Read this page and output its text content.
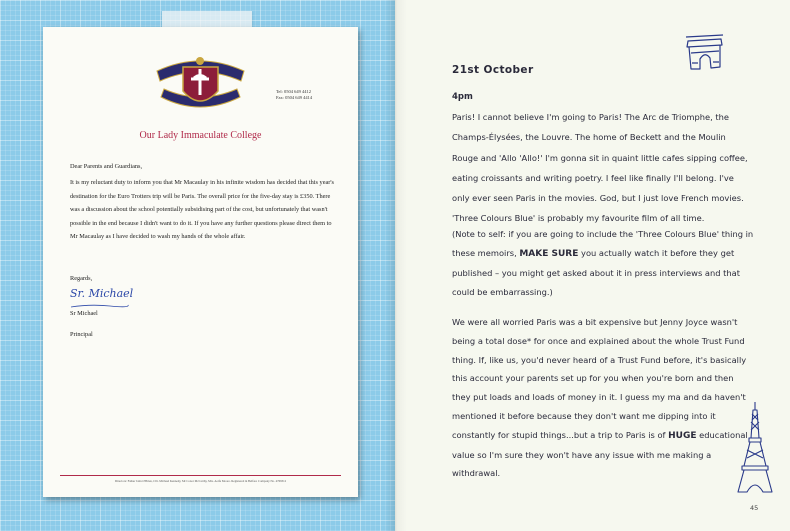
Tel: 0504 649 4412
Fax: 0504 649 4414
Our Lady Immaculate College

Dear Parents and Guardians,

It is my reluctant duty to inform you that Mr Macaulay in his infinite wisdom has decided that this year's destination for the Euro Trotters trip will be Paris. The overall price for the five-day stay is £350. There was a discussion about the school potentially subsidising part of the cost, but unfortunately that wasn't possible in the end because I didn't want to do it. If you have any further questions please direct them to Mr Macaulay as I have decided to wash my hands of the whole affair.

Regards,
Sr. Michael
Sr Michael
Principal
Directors: Father John O'Brien, Cllr. Michael Kennedy, Mr Conor McCarthy, Mrs. Aoife Moore. Registered in Belfast. Company No. 4769312
21st October
4pm
Paris! I cannot believe I'm going to Paris! The Arc de Triomphe, the Champs-Élysées, the Louvre. The home of Beckett and the Moulin Rouge and 'Allo 'Allo!' I'm gonna sit in quaint little cafes sipping coffee, eating croissants and writing poetry. I feel like finally I'll belong. I've only ever seen Paris in the movies. God, but I just love French movies. 'Three Colours Blue' is probably my favourite film of all time.
(Note to self: if you are going to include the 'Three Colours Blue' thing in these memoirs, MAKE SURE you actually watch it before they get published – you might get asked about it in press interviews and that could be embarrassing.)
We were all worried Paris was a bit expensive but Jenny Joyce wasn't being a total dose* for once and explained about the whole Trust Fund thing. If, like us, you'd never heard of a Trust Fund before, it's basically this account your parents set up for you when you're born and then they put loads and loads of money in it. I guess my ma and da haven't mentioned it before because they don't want me dipping into it constantly for stupid things...but a trip to Paris is of HUGE educational value so I'm sure they won't have any issue with me making a withdrawal.
45
